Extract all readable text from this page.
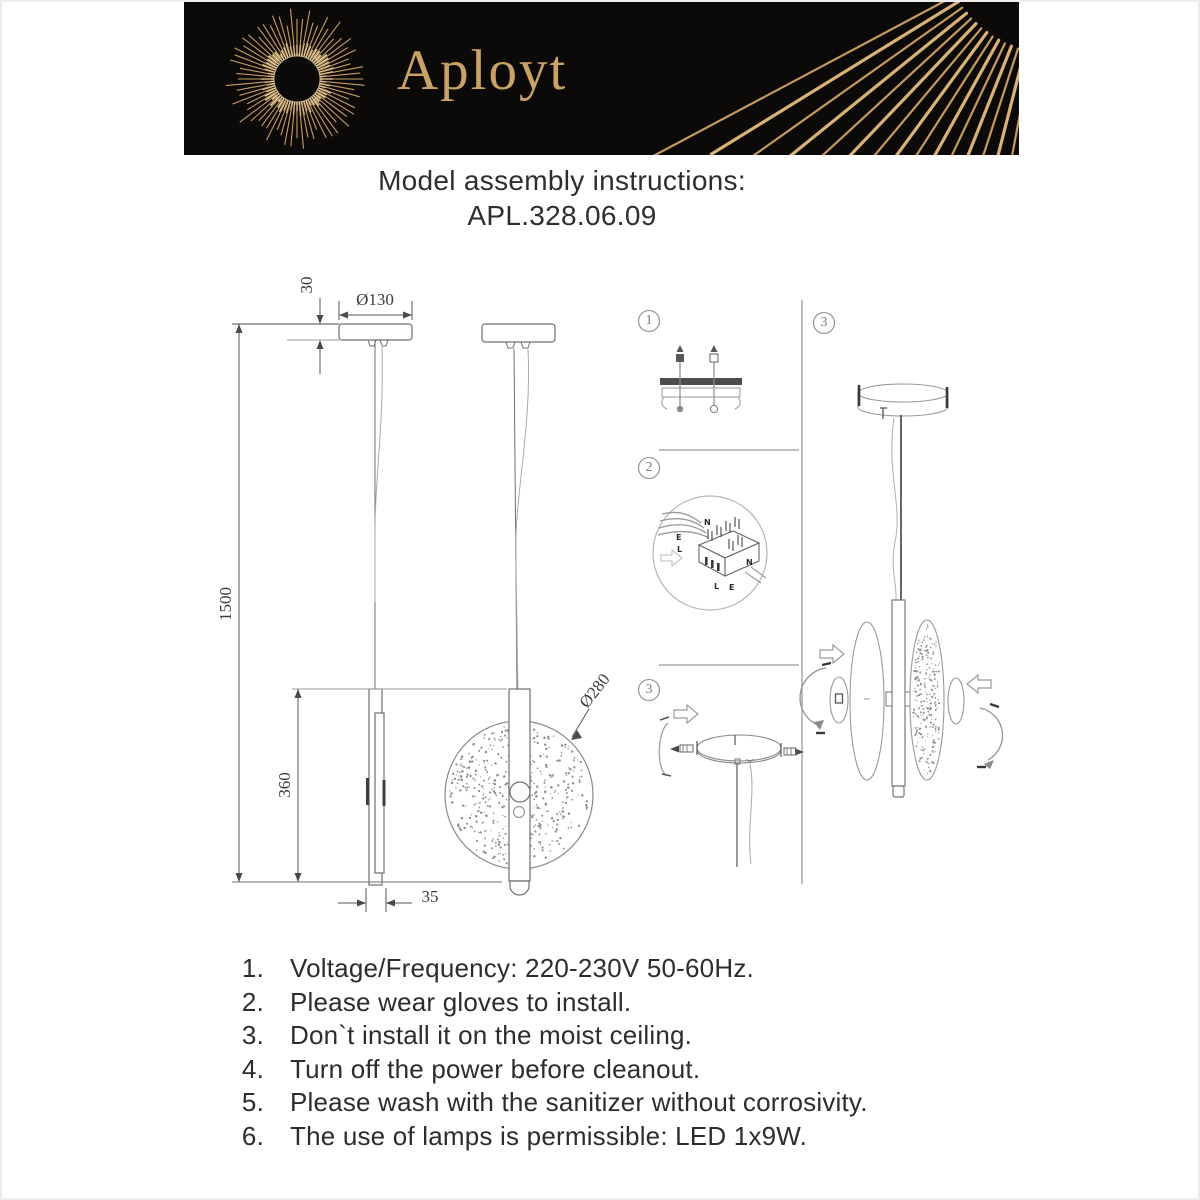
Aployt
Model assembly instructions:
APL.328.06.09
30
Ø130
1500
360
35
Ø280
1
2
3
3
N
E
L
N
L E
1. Voltage/Frequency: 220-230V 50-60Hz.
2. Please wear gloves to install.
3. Don`t install it on the moist ceiling.
4. Turn off the power before cleanout.
5. Please wash with the sanitizer without corrosivity.
6. The use of lamps is permissible: LED 1x9W.
